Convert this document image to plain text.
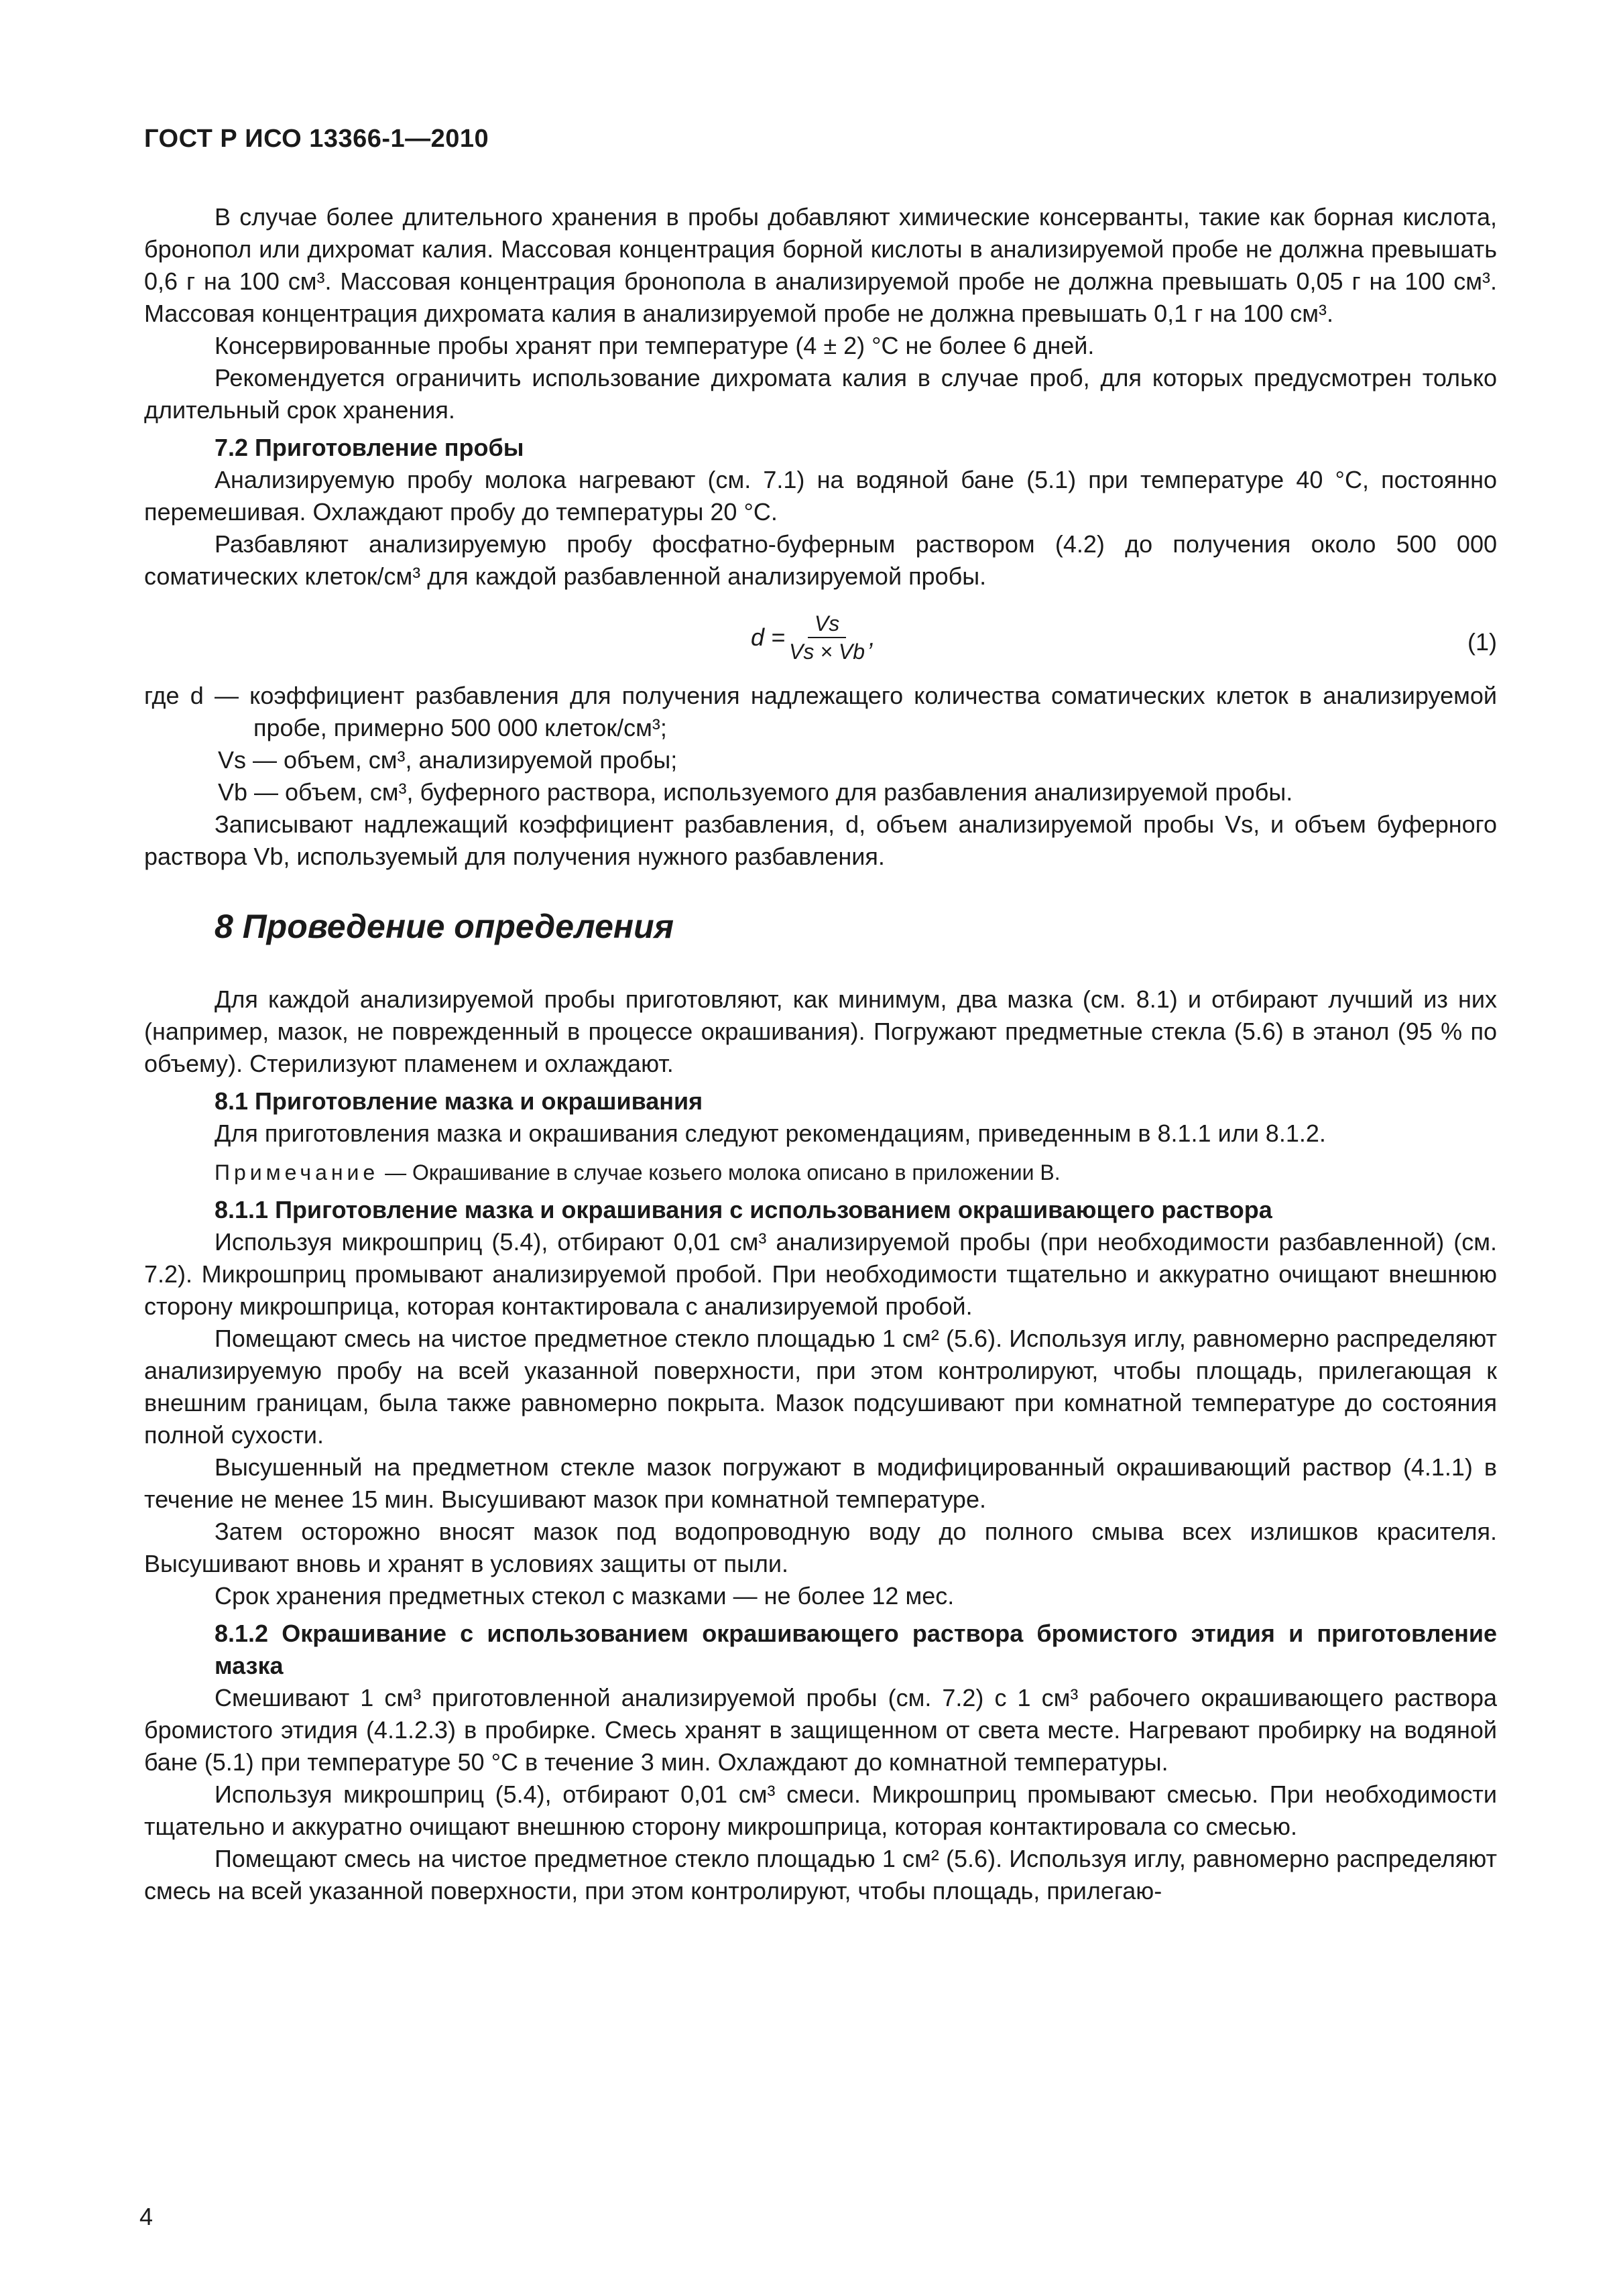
ГОСТ Р ИСО 13366-1—2010

В случае более длительного хранения в пробы добавляют химические консерванты, такие как борная кислота, бронопол или дихромат калия. Массовая концентрация борной кислоты в анализируемой пробе не должна превышать 0,6 г на 100 см³. Массовая концентрация бронопола в анализируемой пробе не должна превышать 0,05 г на 100 см³. Массовая концентрация дихромата калия в анализируемой пробе не должна превышать 0,1 г на 100 см³.

Консервированные пробы хранят при температуре (4 ± 2) °С не более 6 дней.

Рекомендуется ограничить использование дихромата калия в случае проб, для которых предусмотрен только длительный срок хранения.

7.2 Приготовление пробы

Анализируемую пробу молока нагревают (см. 7.1) на водяной бане (5.1) при температуре 40 °С, постоянно перемешивая. Охлаждают пробу до температуры 20 °С.

Разбавляют анализируемую пробу фосфатно-буферным раствором (4.2) до получения около 500 000 соматических клеток/см³ для каждой разбавленной анализируемой пробы.

$d = \frac{Vs}{Vs \times Vb}$ ,	(1)

где d — коэффициент разбавления для получения надлежащего количества соматических клеток в анализируемой пробе, примерно 500 000 клеток/см³;

Vs — объем, см³, анализируемой пробы;

Vb — объем, см³, буферного раствора, используемого для разбавления анализируемой пробы.

Записывают надлежащий коэффициент разбавления, d, объем анализируемой пробы Vs, и объем буферного раствора Vb, используемый для получения нужного разбавления.

8 Проведение определения

Для каждой анализируемой пробы приготовляют, как минимум, два мазка (см. 8.1) и отбирают лучший из них (например, мазок, не поврежденный в процессе окрашивания). Погружают предметные стекла (5.6) в этанол (95 % по объему). Стерилизуют пламенем и охлаждают.

8.1 Приготовление мазка и окрашивания

Для приготовления мазка и окрашивания следуют рекомендациям, приведенным в 8.1.1 или 8.1.2.

Примечание — Окрашивание в случае козьего молока описано в приложении В.

8.1.1 Приготовление мазка и окрашивания с использованием окрашивающего раствора

Используя микрошприц (5.4), отбирают 0,01 см³ анализируемой пробы (при необходимости разбавленной) (см. 7.2). Микрошприц промывают анализируемой пробой. При необходимости тщательно и аккуратно очищают внешнюю сторону микрошприца, которая контактировала с анализируемой пробой.

Помещают смесь на чистое предметное стекло площадью 1 см² (5.6). Используя иглу, равномерно распределяют анализируемую пробу на всей указанной поверхности, при этом контролируют, чтобы площадь, прилегающая к внешним границам, была также равномерно покрыта. Мазок подсушивают при комнатной температуре до состояния полной сухости.

Высушенный на предметном стекле мазок погружают в модифицированный окрашивающий раствор (4.1.1) в течение не менее 15 мин. Высушивают мазок при комнатной температуре.

Затем осторожно вносят мазок под водопроводную воду до полного смыва всех излишков красителя. Высушивают вновь и хранят в условиях защиты от пыли.

Срок хранения предметных стекол с мазками — не более 12 мес.

8.1.2 Окрашивание с использованием окрашивающего раствора бромистого этидия и приготовление мазка

Смешивают 1 см³ приготовленной анализируемой пробы (см. 7.2) с 1 см³ рабочего окрашивающего раствора бромистого этидия (4.1.2.3) в пробирке. Смесь хранят в защищенном от света месте. Нагревают пробирку на водяной бане (5.1) при температуре 50 °С в течение 3 мин. Охлаждают до комнатной температуры.

Используя микрошприц (5.4), отбирают 0,01 см³ смеси. Микрошприц промывают смесью. При необходимости тщательно и аккуратно очищают внешнюю сторону микрошприца, которая контактировала со смесью.

Помещают смесь на чистое предметное стекло площадью 1 см² (5.6). Используя иглу, равномерно распределяют смесь на всей указанной поверхности, при этом контролируют, чтобы площадь, прилегаю-

4
